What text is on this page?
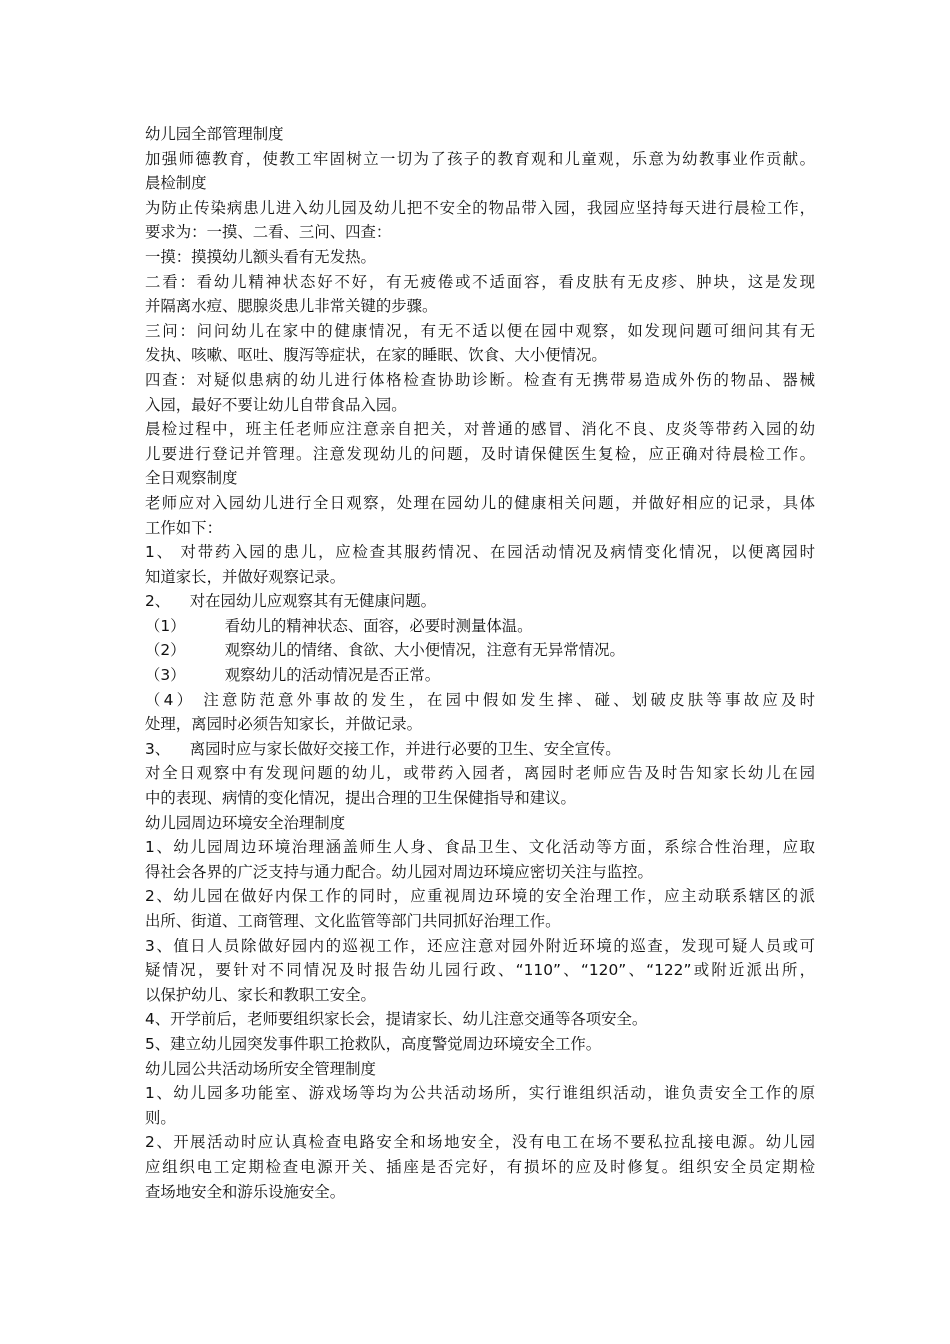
幼儿园全部管理制度

加强师德教育，使教工牢固树立一切为了孩子的教育观和儿童观，乐意为幼教事业作贡献。

晨检制度

为防止传染病患儿进入幼儿园及幼儿把不安全的物品带入园，我园应坚持每天进行晨检工作，

要求为：一摸、二看、三问、四查：

一摸：摸摸幼儿额头看有无发热。

二看：看幼儿精神状态好不好，有无疲倦或不适面容，看皮肤有无皮疹、肿块，这是发现

并隔离水痘、腮腺炎患儿非常关键的步骤。

三问：问问幼儿在家中的健康情况，有无不适以便在园中观察，如发现问题可细问其有无

发执、咳嗽、呕吐、腹泻等症状，在家的睡眠、饮食、大小便情况。

四查：对疑似患病的幼儿进行体格检查协助诊断。检查有无携带易造成外伤的物品、器械

入园，最好不要让幼儿自带食品入园。

晨检过程中，班主任老师应注意亲自把关，对普通的感冒、消化不良、皮炎等带药入园的幼

儿要进行登记并管理。注意发现幼儿的问题，及时请保健医生复检，应正确对待晨检工作。

全日观察制度

老师应对入园幼儿进行全日观察，处理在园幼儿的健康相关问题，并做好相应的记录，具体

工作如下：

1、 对带药入园的患儿，应检查其服药情况、在园活动情况及病情变化情况，以便离园时

知道家长，并做好观察记录。

2、    对在园幼儿应观察其有无健康问题。

（1）        看幼儿的精神状态、面容，必要时测量体温。

（2）        观察幼儿的情绪、食欲、大小便情况，注意有无异常情况。

（3）        观察幼儿的活动情况是否正常。

（4） 注意防范意外事故的发生，在园中假如发生摔、碰、划破皮肤等事故应及时

处理，离园时必须告知家长，并做记录。

3、    离园时应与家长做好交接工作，并进行必要的卫生、安全宣传。

对全日观察中有发现问题的幼儿，或带药入园者，离园时老师应告及时告知家长幼儿在园

中的表现、病情的变化情况，提出合理的卫生保健指导和建议。

幼儿园周边环境安全治理制度

1、幼儿园周边环境治理涵盖师生人身、食品卫生、文化活动等方面，系综合性治理，应取

得社会各界的广泛支持与通力配合。幼儿园对周边环境应密切关注与监控。

2、幼儿园在做好内保工作的同时，应重视周边环境的安全治理工作，应主动联系辖区的派

出所、街道、工商管理、文化监管等部门共同抓好治理工作。

3、值日人员除做好园内的巡视工作，还应注意对园外附近环境的巡查，发现可疑人员或可

疑情况，要针对不同情况及时报告幼儿园行政、“110”、“120”、“122”或附近派出所，

以保护幼儿、家长和教职工安全。

4、开学前后，老师要组织家长会，提请家长、幼儿注意交通等各项安全。

5、建立幼儿园突发事件职工抢救队，高度警觉周边环境安全工作。

幼儿园公共活动场所安全管理制度

1、幼儿园多功能室、游戏场等均为公共活动场所，实行谁组织活动，谁负责安全工作的原

则。

2、开展活动时应认真检查电路安全和场地安全，没有电工在场不要私拉乱接电源。幼儿园

应组织电工定期检查电源开关、插座是否完好，有损坏的应及时修复。组织安全员定期检

查场地安全和游乐设施安全。
